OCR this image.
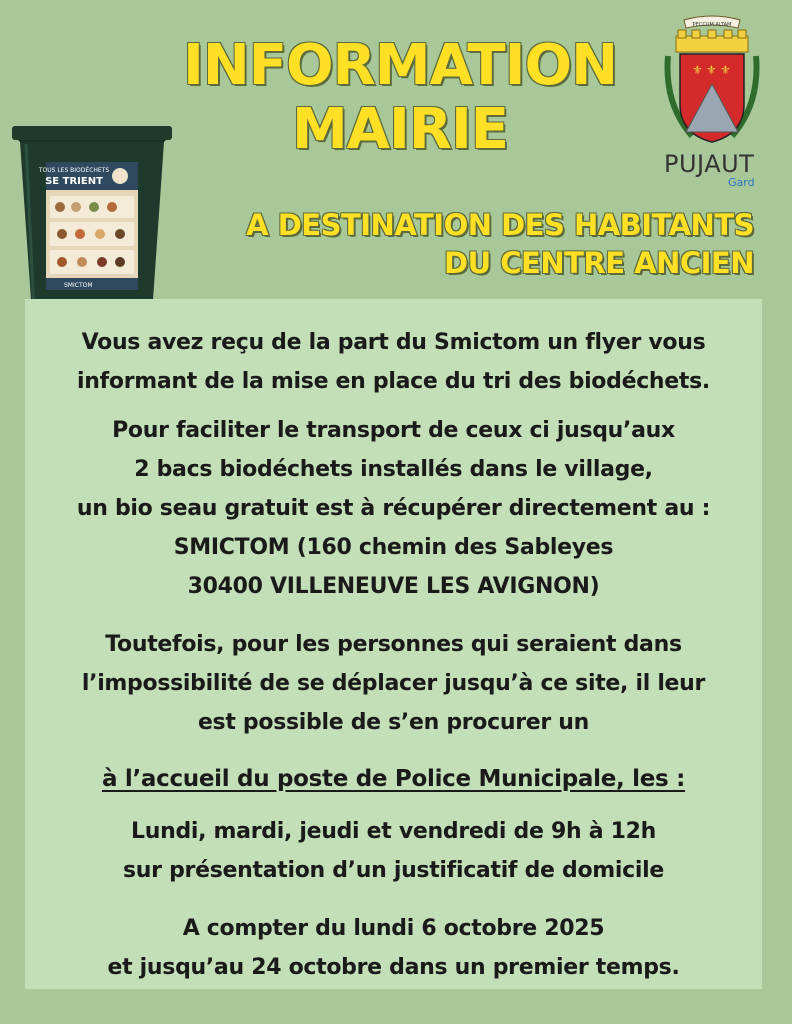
INFORMATION
MAIRIE
A DESTINATION DES HABITANTS
DU CENTRE ANCIEN
TOUS LES BIODÉCHETS
SE TRIENT
SMICTOM
PECCUM ALTAM
⚜ ⚜ ⚜
PUJAUT
Gard
Vous avez reçu de la part du Smictom un flyer vous
informant de la mise en place du tri des biodéchets.
Pour faciliter le transport de ceux ci jusqu’aux
2 bacs biodéchets installés dans le village,
un bio seau gratuit est à récupérer directement au :
SMICTOM (160 chemin des Sableyes
30400 VILLENEUVE LES AVIGNON)
Toutefois, pour les personnes qui seraient dans
l’impossibilité de se déplacer jusqu’à ce site, il leur
est possible de s’en procurer un
à l’accueil du poste de Police Municipale, les :
Lundi, mardi, jeudi et vendredi de 9h à 12h
sur présentation d’un justificatif de domicile
A compter du lundi 6 octobre 2025
et jusqu’au 24 octobre dans un premier temps.
